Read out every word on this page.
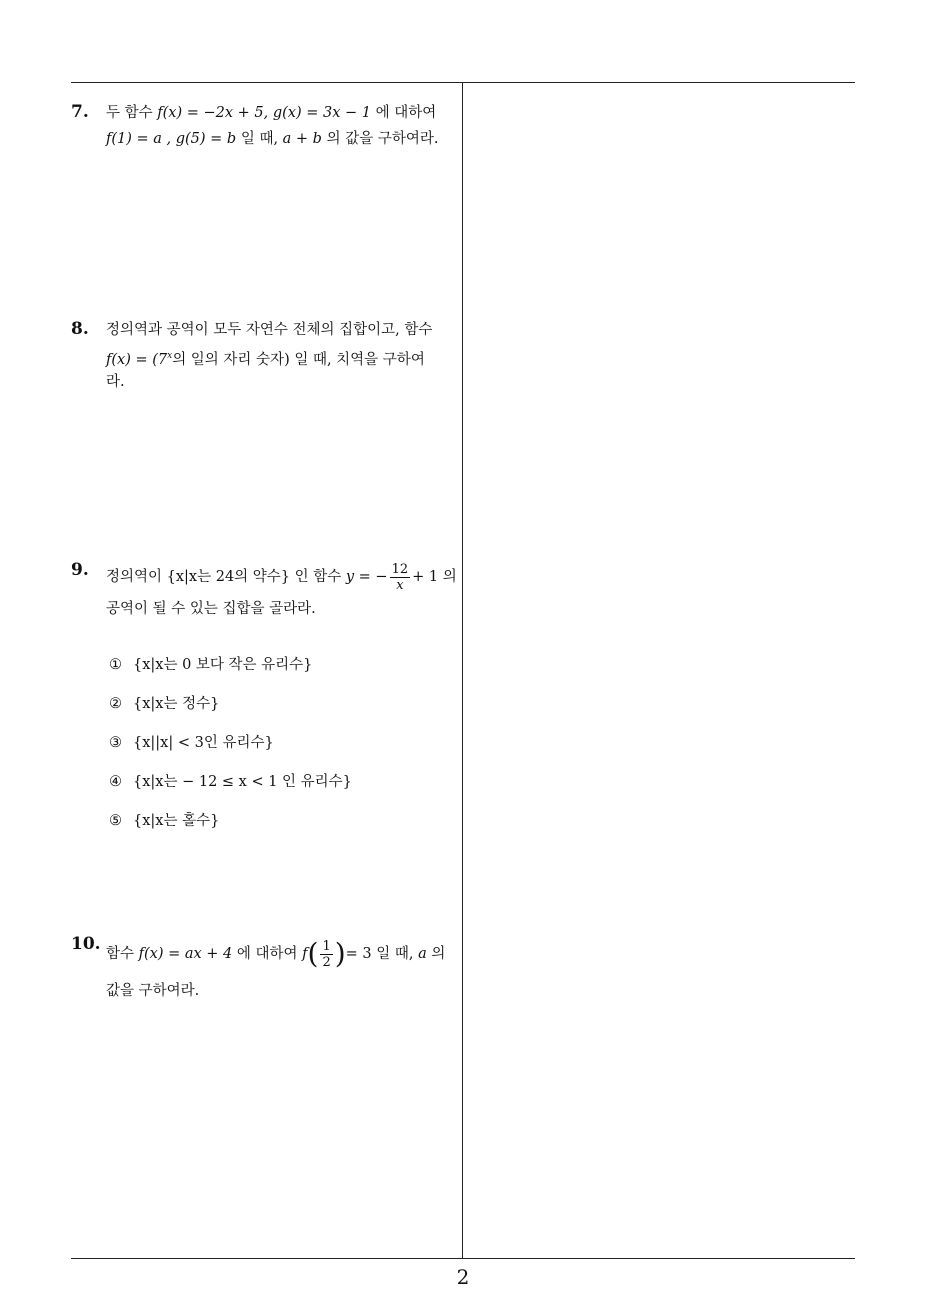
7. 두 함수 f(x) = −2x + 5, g(x) = 3x − 1 에 대하여
f(1) = a , g(5) = b 일 때, a + b 의 값을 구하여라.
8. 정의역과 공역이 모두 자연수 전체의 집합이고, 함수
$f(x) = (7^x$의 일의 자리 숫자) 일 때, 치역을 구하여
라.
9. 정의역이 {x|x는 24의 약수} 인 함수 y = − $\frac{12}{x} + 1$ 의
공역이 될 수 있는 집합을 골라라.
① {x|x는 0 보다 작은 유리수}
② {x|x는 정수}
③ {x||x| < 3인 유리수}
④ {x|x는 − 12 ≤ x < 1 인 유리수}
⑤ {x|x는 홀수}
10. 함수 f(x) = ax + 4 에 대하여 $f( \frac{1}{2}$ )= 3 일 때, a 의
값을 구하여라.
2
